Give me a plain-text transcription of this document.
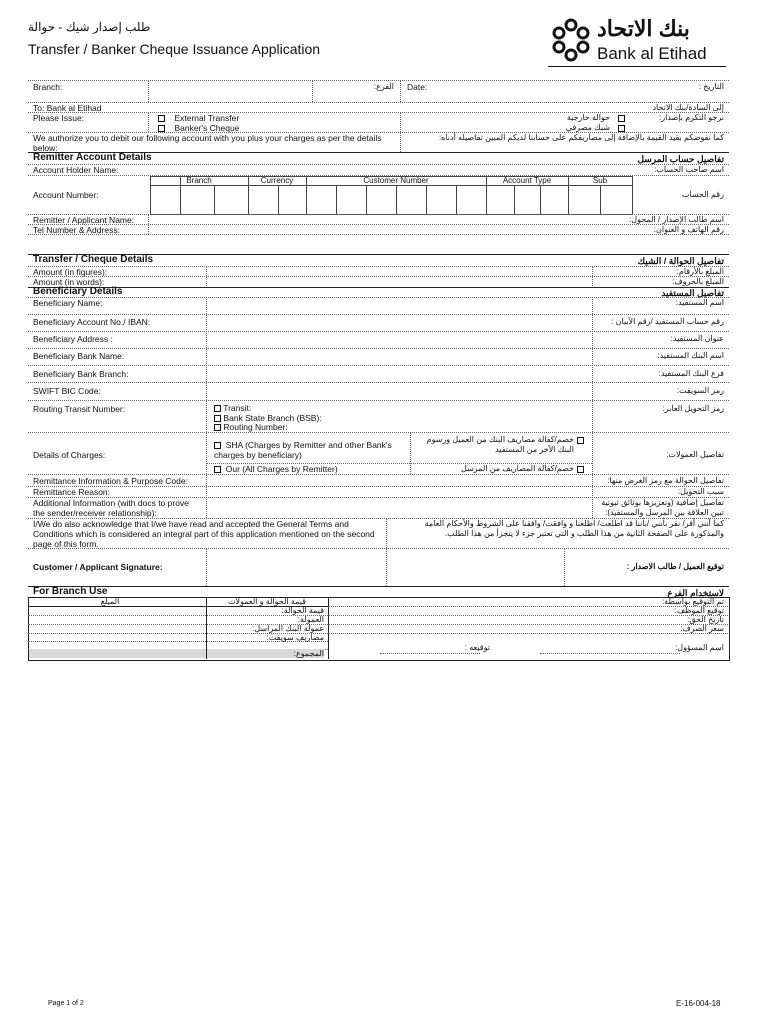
طلب إصدار شيك - حوالة
Transfer / Banker Cheque Issuance Application
بنك الاتحاد
Bank al Etihad
Branch:	الفرع: Date:	التاريخ :
To: Bank al Etihad	إلى السادة/بنك الاتحاد
Please Issue:	External Transfer
Banker's Cheque
حوالة خارجية
شيك مصرفي
نرجو التكرم بإصدار:
We authorize you to debit our following account with you plus your charges as per the details below:
كما نفوضكم بقيد القيمة بالإضافة إلى مصاريفكم على حسابنا لديكم المبين تفاصيله أدناه:
Remitter Account Details	تفاصيل حساب المرسل
Account Holder Name:	اسم صاحب الحساب:
Account Number:	رقم الحساب
Branch	Currency	Customer Number	Account Type	Sub
Remitter / Applicant Name:	اسم طالب الإصدار / المحول:
Tel Number & Address:	رقم الهاتف و العنوان:
Transfer / Cheque Details	تفاصيل الحوالة / الشيك
Amount (in figures):	المبلغ بالأرقام:
Amount (in words):	المبلغ بالحروف:
Beneficiary Details	تفاصيل المستفيد
Beneficiary Name:	اسم المستفيد:
Beneficiary Account No./ IBAN:	رقم حساب المستفيد /رقم الآيبان :
Beneficiary Address :	عنوان المستفيد:
Beneficiary Bank Name:	اسم البنك المستفيد:
Beneficiary Bank Branch:	فرع البنك المستفيد:
SWIFT BIC Code:	رمز السويفت:
Routing Transit Number:	رمز التحويل العابر:
Transit:
Bank State Branch (BSB):
Routing Number:
Details of Charges:	تفاصيل العمولات:
SHA (Charges by Remitter and other Bank's charges by beneficiary)
خصم/كفالة مصاريف البنك من العميل ورسوم البنك الآخر من المستفيد
Our (All Charges by Remitter)	خصم/كفالة المصاريف من المرسل
Remittance Information & Purpose Code:	تفاصيل الحوالة مع رمز الغرض منها:
Remittance Reason:	سبب التحويل:
Additional Information (with docs to prove the sender/receiver relationship):
تفاصيل إضافية (وتعزيزها بوثائق ثبوتية تبين العلاقة بين المرسل والمستفيد):
I/We do also acknowledge that I/we have read and accepted the General Terms and Conditions which is considered an integral part of this application mentioned on the second page of this form.
كما أنني أقر/ نقر بأنني /بأننا قد اطلعت/ اطلعنا و وافقت/ وافقنا على الشروط والأحكام العامة والمذكورة على الصفحة الثانية من هذا الطلب و التي تعتبر جزء لا يتجزأ من هذا الطلب.
Customer / Applicant Signature:	توقيع العميل / طالب الاصدار :
For Branch Use	لاستخدام الفرع
المبلغ	قيمة الحوالة و العمولات
قيمة الحوالة:
العمولة:
عمولة البنك المراسل:
مصاريف سويفت:
المجموع:
تم التوقيع بواسطة:
توقيع الموظف:
تاريخ الحق:
سعر الصرف:
اسم المسؤول:
توقيعه :
Page 1 of 2	E-16-004-18
